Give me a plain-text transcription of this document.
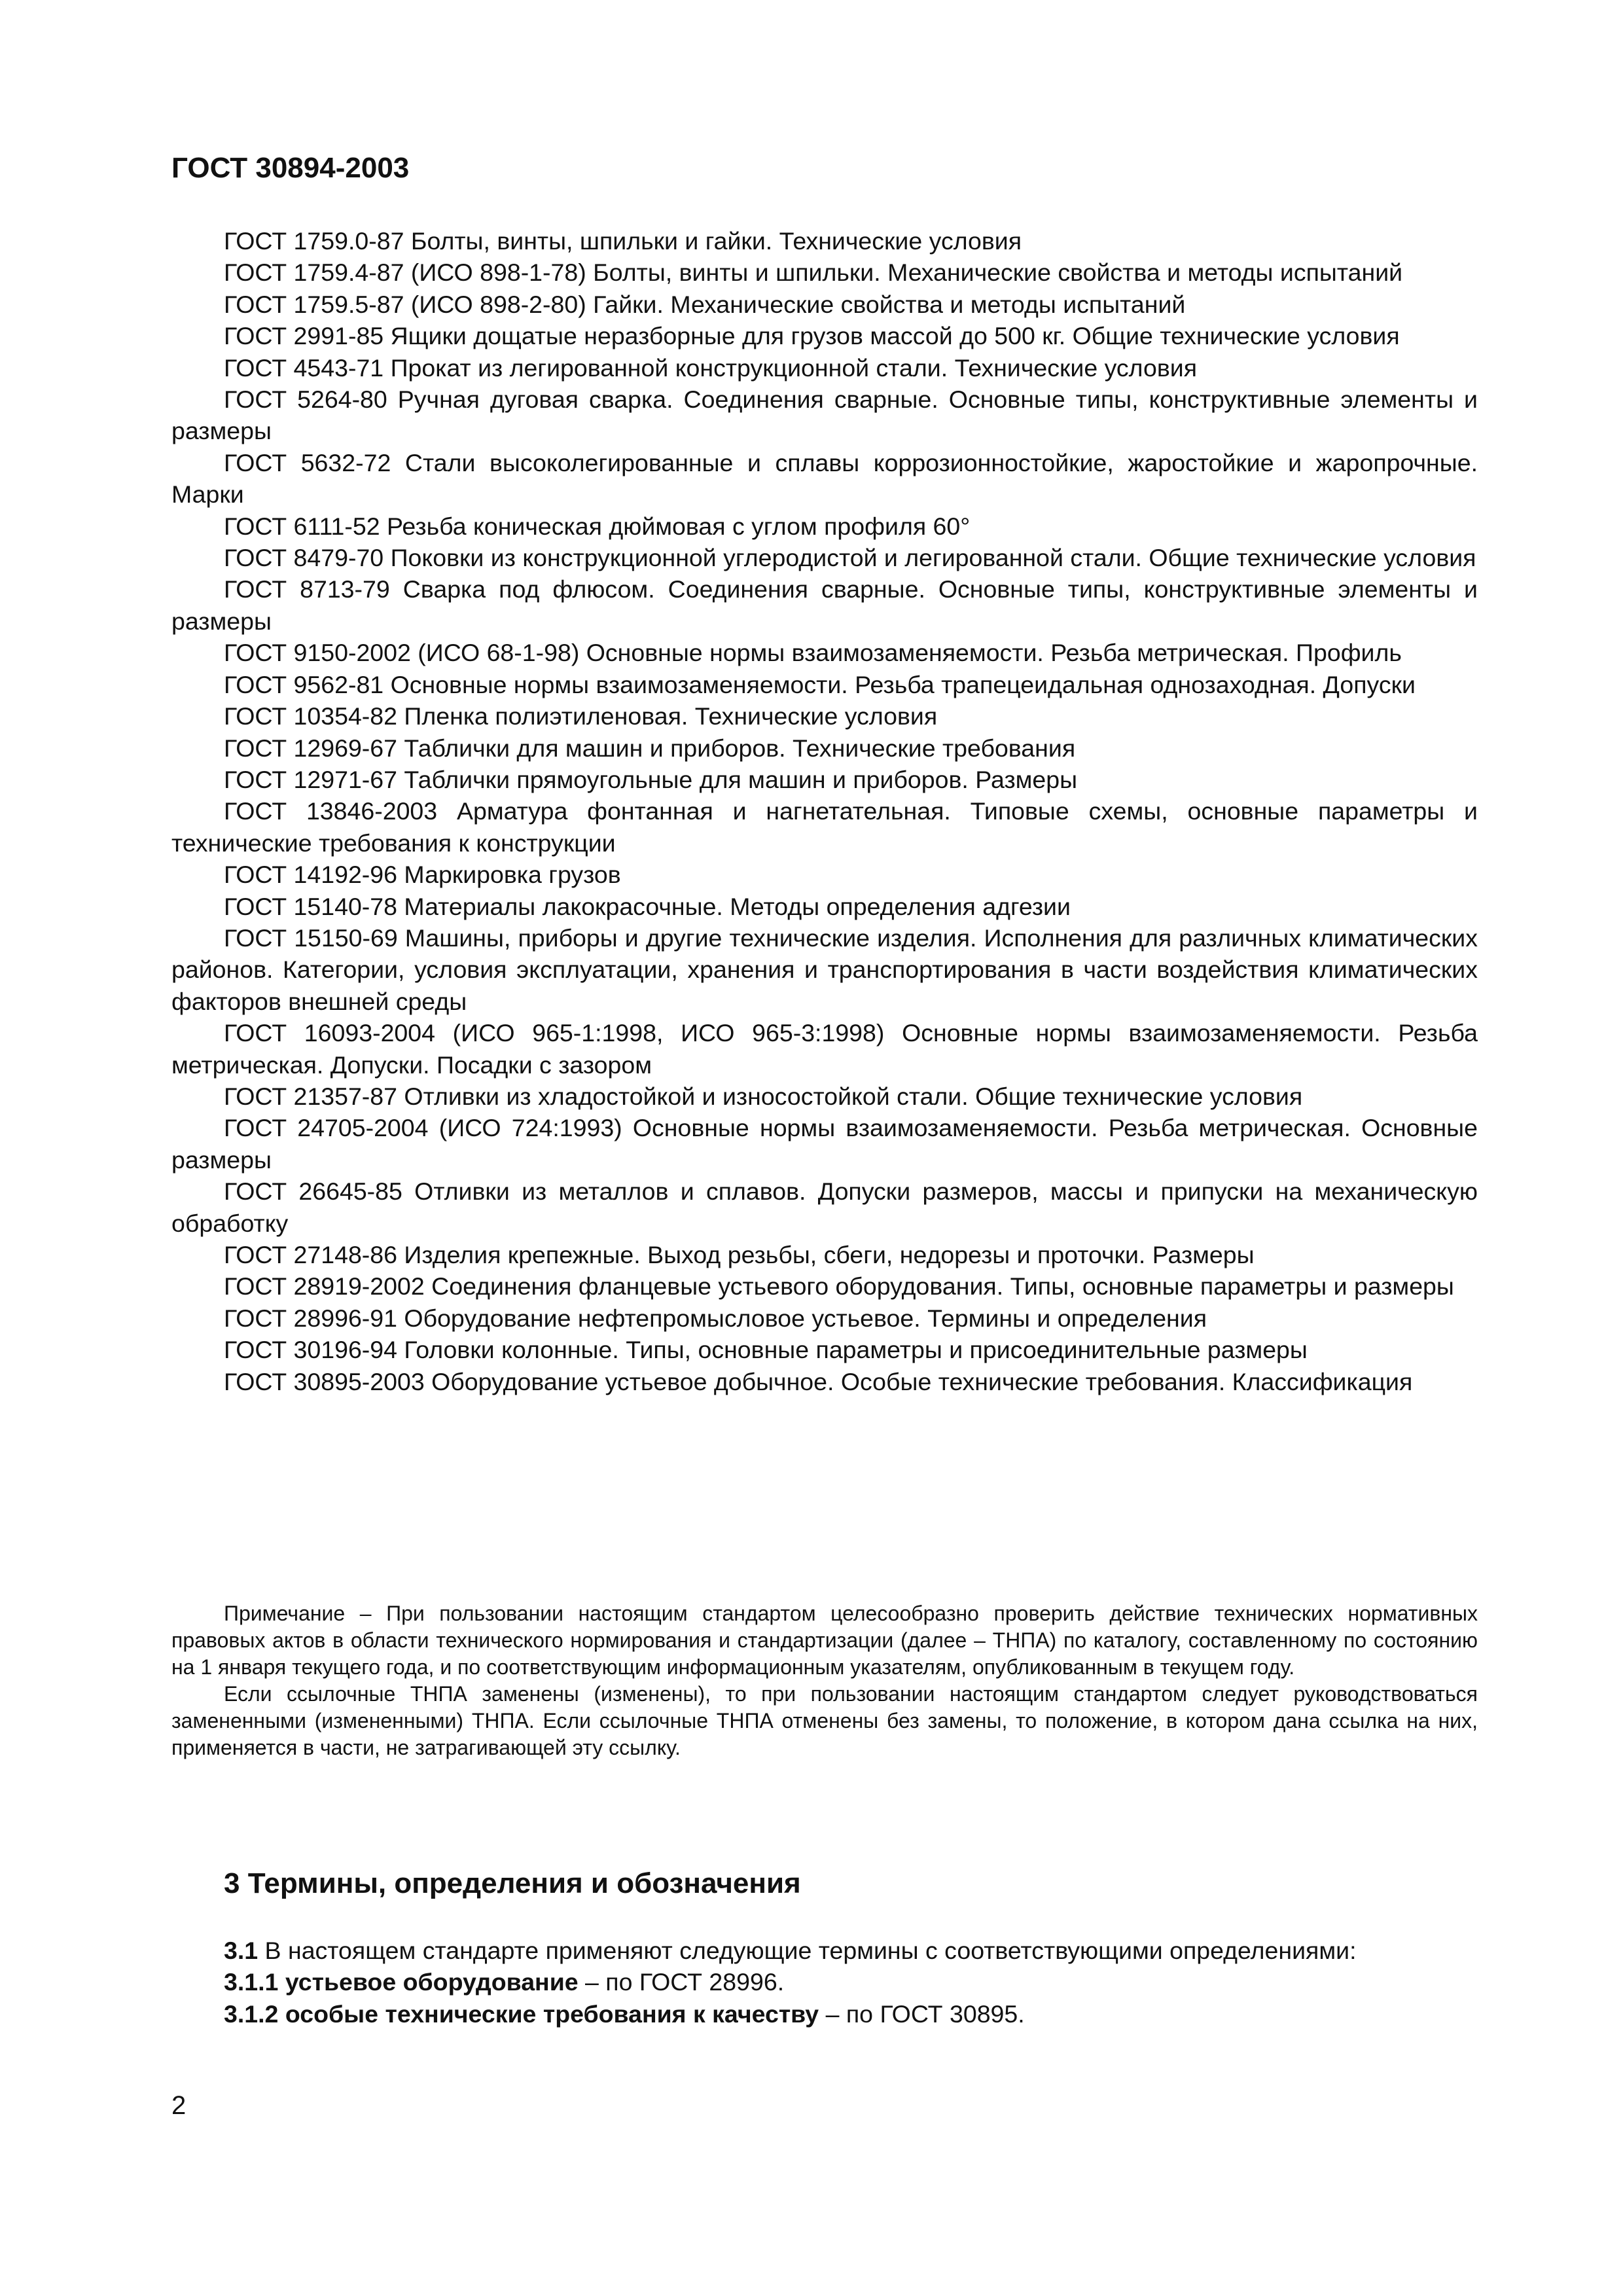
ГОСТ 30894-2003

ГОСТ 1759.0-87 Болты, винты, шпильки и гайки. Технические условия

ГОСТ 1759.4-87 (ИСО 898-1-78) Болты, винты и шпильки. Механические свойства и методы испытаний

ГОСТ 1759.5-87 (ИСО 898-2-80) Гайки. Механические свойства и методы испытаний

ГОСТ 2991-85 Ящики дощатые неразборные для грузов массой до 500 кг. Общие технические условия

ГОСТ 4543-71 Прокат из легированной конструкционной стали. Технические условия

ГОСТ 5264-80 Ручная дуговая сварка. Соединения сварные. Основные типы, конструктивные элементы и размеры

ГОСТ 5632-72 Стали высоколегированные и сплавы коррозионностойкие, жаростойкие и жаропрочные. Марки

ГОСТ 6111-52 Резьба коническая дюймовая с углом профиля 60°

ГОСТ 8479-70 Поковки из конструкционной углеродистой и легированной стали. Общие технические условия

ГОСТ 8713-79 Сварка под флюсом. Соединения сварные. Основные типы, конструктивные элементы и размеры

ГОСТ 9150-2002 (ИСО 68-1-98) Основные нормы взаимозаменяемости. Резьба метрическая. Профиль

ГОСТ 9562-81 Основные нормы взаимозаменяемости. Резьба трапецеидальная однозаходная. Допуски

ГОСТ 10354-82 Пленка полиэтиленовая. Технические условия

ГОСТ 12969-67 Таблички для машин и приборов. Технические требования

ГОСТ 12971-67 Таблички прямоугольные для машин и приборов. Размеры

ГОСТ 13846-2003 Арматура фонтанная и нагнетательная. Типовые схемы, основные параметры и технические требования к конструкции

ГОСТ 14192-96 Маркировка грузов

ГОСТ 15140-78 Материалы лакокрасочные. Методы определения адгезии

ГОСТ 15150-69 Машины, приборы и другие технические изделия. Исполнения для различных климатических районов. Категории, условия эксплуатации, хранения и транспортирования в части воздействия климатических факторов внешней среды

ГОСТ 16093-2004 (ИСО 965-1:1998, ИСО 965-3:1998) Основные нормы взаимозаменяемости. Резьба метрическая. Допуски. Посадки с зазором

ГОСТ 21357-87 Отливки из хладостойкой и износостойкой стали. Общие технические условия

ГОСТ 24705-2004 (ИСО 724:1993) Основные нормы взаимозаменяемости. Резьба метрическая. Основные размеры

ГОСТ 26645-85 Отливки из металлов и сплавов. Допуски размеров, массы и припуски на механическую обработку

ГОСТ 27148-86 Изделия крепежные. Выход резьбы, сбеги, недорезы и проточки. Размеры

ГОСТ 28919-2002 Соединения фланцевые устьевого оборудования. Типы, основные параметры и размеры

ГОСТ 28996-91 Оборудование нефтепромысловое устьевое. Термины и определения

ГОСТ 30196-94 Головки колонные. Типы, основные параметры и присоединительные размеры

ГОСТ 30895-2003 Оборудование устьевое добычное. Особые технические требования. Классификация

Примечание – При пользовании настоящим стандартом целесообразно проверить действие технических нормативных правовых актов в области технического нормирования и стандартизации (далее – ТНПА) по каталогу, составленному по состоянию на 1 января текущего года, и по соответствующим информационным указателям, опубликованным в текущем году.

Если ссылочные ТНПА заменены (изменены), то при пользовании настоящим стандартом следует руководствоваться замененными (измененными) ТНПА. Если ссылочные ТНПА отменены без замены, то положение, в котором дана ссылка на них, применяется в части, не затрагивающей эту ссылку.

3 Термины, определения и обозначения

3.1 В настоящем стандарте применяют следующие термины с соответствующими определениями:

3.1.1 устьевое оборудование – по ГОСТ 28996.

3.1.2 особые технические требования к качеству – по ГОСТ 30895.

2
